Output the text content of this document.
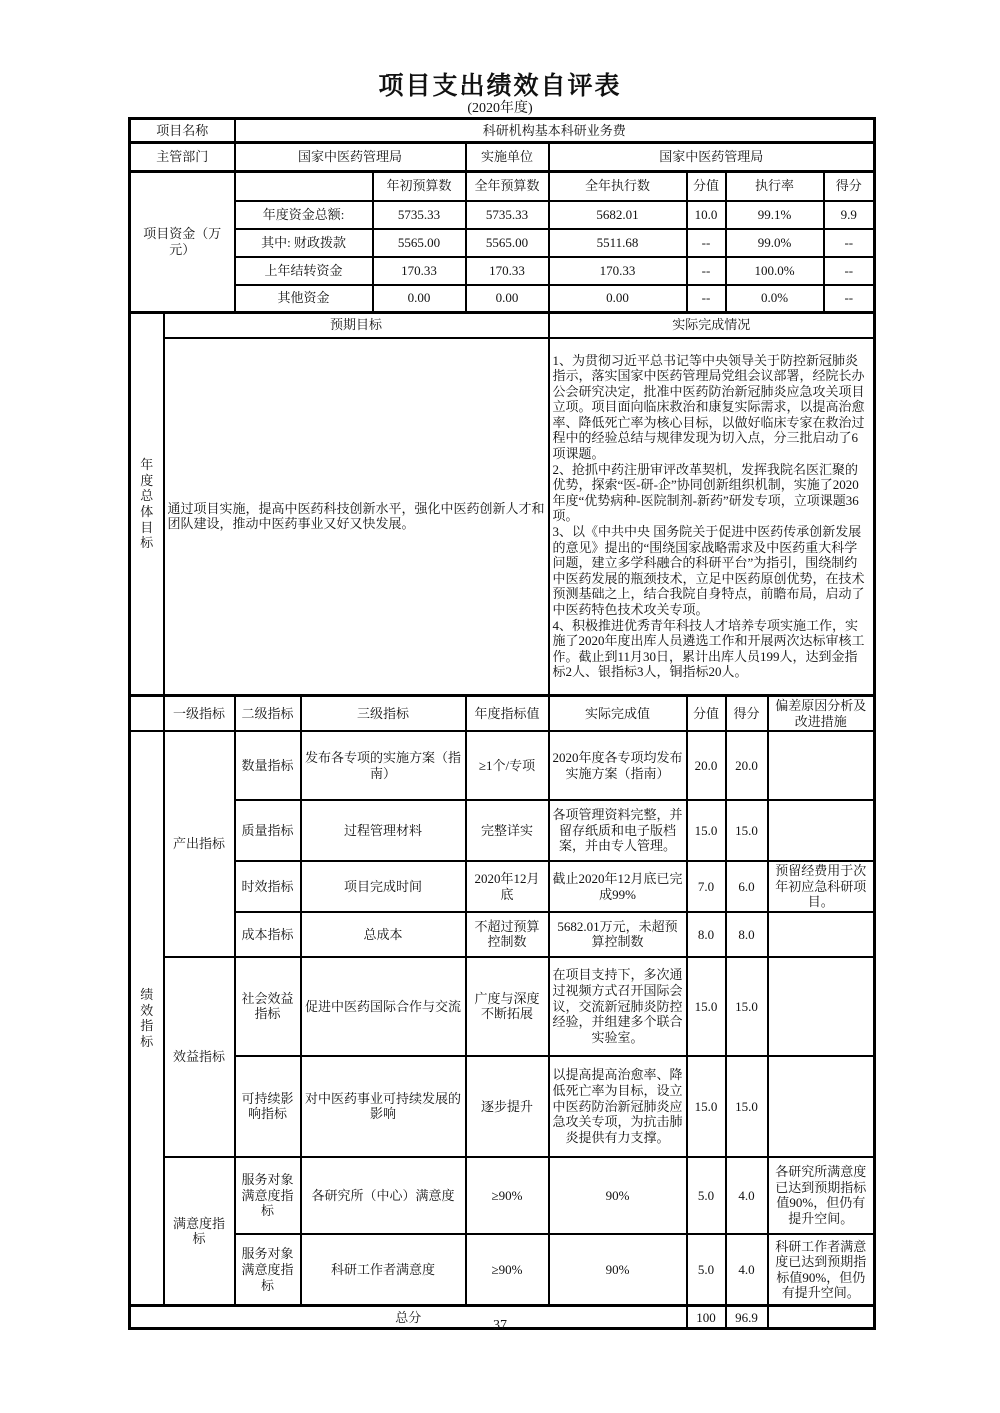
项目支出绩效自评表
(2020年度)
项目名称		科研机构基本科研业务费								
主管部门		国家中医药管理局			实施单位	国家中医药管理局				
项目资金（万元）				年初预算数	全年预算数	全年执行数	分值	执行率		得分
		年度资金总额:		5735.33	5735.33	5682.01	10.0	99.1%		9.9
		其中: 财政拨款		5565.00	5565.00	5511.68	--	99.0%		--
		上年结转资金		170.33	170.33	170.33	--	100.0%		--
		其他资金		0.00	0.00	0.00	--	0.0%		--
年度总体目标	预期目标					实际完成情况				

	通过项目实施，提高中医药科技创新水平，强化中医药创新人才和团队建设，推动中医药事业又好又快发展。					1、为贯彻习近平总书记等中央领导关于防控新冠肺炎指示，落实国家中医药管理局党组会议部署，经院长办公会研究决定，批准中医药防治新冠肺炎应急攻关项目立项。项目面向临床救治和康复实际需求，以提高治愈率、降低死亡率为核心目标，以做好临床专家在救治过程中的经验总结与规律发现为切入点，分三批启动了6项课题。

2、抢抓中药注册审评改革契机，发挥我院名医汇聚的优势，探索“医-研-企”协同创新组织机制，实施了2020年度“优势病种-医院制剂-新药”研发专项，立项课题36项。

3、以《中共中央 国务院关于促进中医药传承创新发展的意见》提出的“围绕国家战略需求及中医药重大科学问题，建立多学科融合的科研平台”为指引，围绕制约中医药发展的瓶颈技术，立足中医药原创优势，在技术预测基础之上，结合我院自身特点，前瞻布局，启动了中医药特色技术攻关专项。

4、积极推进优秀青年科技人才培养专项实施工作，实施了2020年度出库人员遴选工作和开展两次达标审核工作。截止到11月30日，累计出库人员199人，达到金指标2人、银指标3人，铜指标20人。				

	一级指标	二级指标	三级指标		年度指标值	实际完成值	分值	得分	偏差原因分析及改进措施	
绩效指标	产出指标	数量指标	发布各专项的实施方案（指南）		≥1个/专项	2020年度各专项均发布实施方案（指南）	20.0	20.0		
		质量指标	过程管理材料		完整详实	各项管理资料完整，并留存纸质和电子版档案，并由专人管理。	15.0	15.0		
		时效指标	项目完成时间		2020年12月底	截止2020年12月底已完成99%	7.0	6.0	预留经费用于次年初应急科研项目。	
		成本指标	总成本		不超过预算控制数	5682.01万元，未超预算控制数	8.0	8.0		
	效益指标	社会效益指标	促进中医药国际合作与交流		广度与深度不断拓展	在项目支持下，多次通过视频方式召开国际会议，交流新冠肺炎防控经验，并组建多个联合实验室。	15.0	15.0		
		可持续影响指标	对中医药事业可持续发展的影响		逐步提升	以提高提高治愈率、降低死亡率为目标，设立中医药防治新冠肺炎应急攻关专项，为抗击肺炎提供有力支撑。	15.0	15.0		
	满意度指标	服务对象满意度指标	各研究所（中心）满意度		≥90%	90%	5.0	4.0	各研究所满意度已达到预期指标值90%，但仍有提升空间。	
		服务对象满意度指标	科研工作者满意度		≥90%	90%	5.0	4.0	科研工作者满意度已达到预期指标值90%，但仍有提升空间。	
总分							100	96.9		
37
